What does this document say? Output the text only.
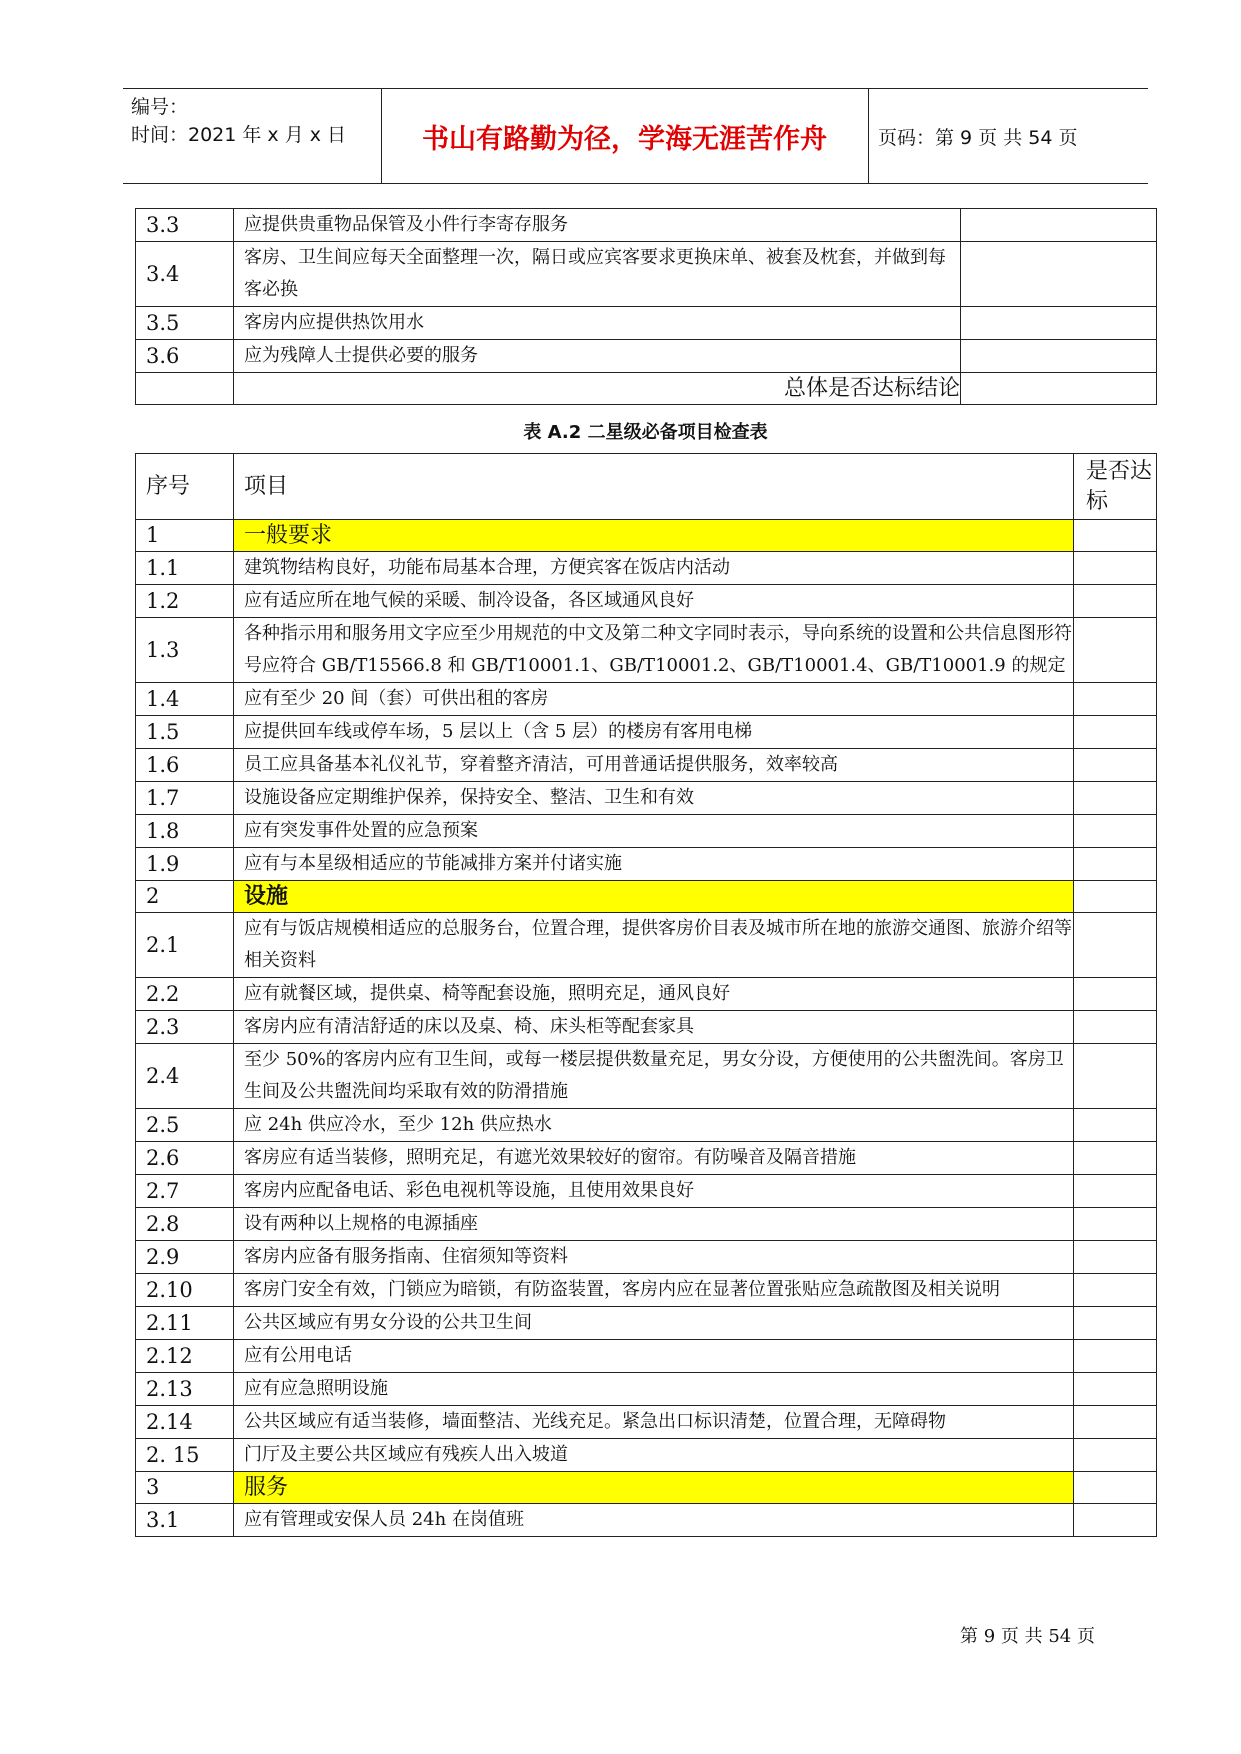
编号：
时间：2021 年 x 月 x 日	书山有路勤为径，学海无涯苦作舟	页码：第 9 页 共 54 页
3.3	应提供贵重物品保管及小件行李寄存服务	
3.4	客房、卫生间应每天全面整理一次，隔日或应宾客要求更换床单、被套及枕套，并做到每客必换	
3.5	客房内应提供热饮用水	
3.6	应为残障人士提供必要的服务	
	总体是否达标结论	
表 A.2 二星级必备项目检查表
序号	项目	是否达标
1	一般要求	
1.1	建筑物结构良好，功能布局基本合理，方便宾客在饭店内活动	
1.2	应有适应所在地气候的采暖、制冷设备，各区域通风良好	
1.3	各种指示用和服务用文字应至少用规范的中文及第二种文字同时表示，导向系统的设置和公共信息图形符号应符合 GB/T15566.8 和 GB/T10001.1、GB/T10001.2、GB/T10001.4、GB/T10001.9 的规定	
1.4	应有至少 20 间（套）可供出租的客房	
1.5	应提供回车线或停车场，5 层以上（含 5 层）的楼房有客用电梯	
1.6	员工应具备基本礼仪礼节，穿着整齐清洁，可用普通话提供服务，效率较高	
1.7	设施设备应定期维护保养，保持安全、整洁、卫生和有效	
1.8	应有突发事件处置的应急预案	
1.9	应有与本星级相适应的节能减排方案并付诸实施	
2	设施	
2.1	应有与饭店规模相适应的总服务台，位置合理，提供客房价目表及城市所在地的旅游交通图、旅游介绍等相关资料	
2.2	应有就餐区域，提供桌、椅等配套设施，照明充足，通风良好	
2.3	客房内应有清洁舒适的床以及桌、椅、床头柜等配套家具	
2.4	至少 50%的客房内应有卫生间，或每一楼层提供数量充足，男女分设，方便使用的公共盥洗间。客房卫生间及公共盥洗间均采取有效的防滑措施	
2.5	应 24h 供应冷水，至少 12h 供应热水	
2.6	客房应有适当装修，照明充足，有遮光效果较好的窗帘。有防噪音及隔音措施	
2.7	客房内应配备电话、彩色电视机等设施，且使用效果良好	
2.8	设有两种以上规格的电源插座	
2.9	客房内应备有服务指南、住宿须知等资料	
2.10	客房门安全有效，门锁应为暗锁，有防盗装置，客房内应在显著位置张贴应急疏散图及相关说明	
2.11	公共区域应有男女分设的公共卫生间	
2.12	应有公用电话	
2.13	应有应急照明设施	
2.14	公共区域应有适当装修，墙面整洁、光线充足。紧急出口标识清楚，位置合理，无障碍物	
2. 15	门厅及主要公共区域应有残疾人出入坡道	
3	服务	
3.1	应有管理或安保人员 24h 在岗值班	
第 9 页 共 54 页
